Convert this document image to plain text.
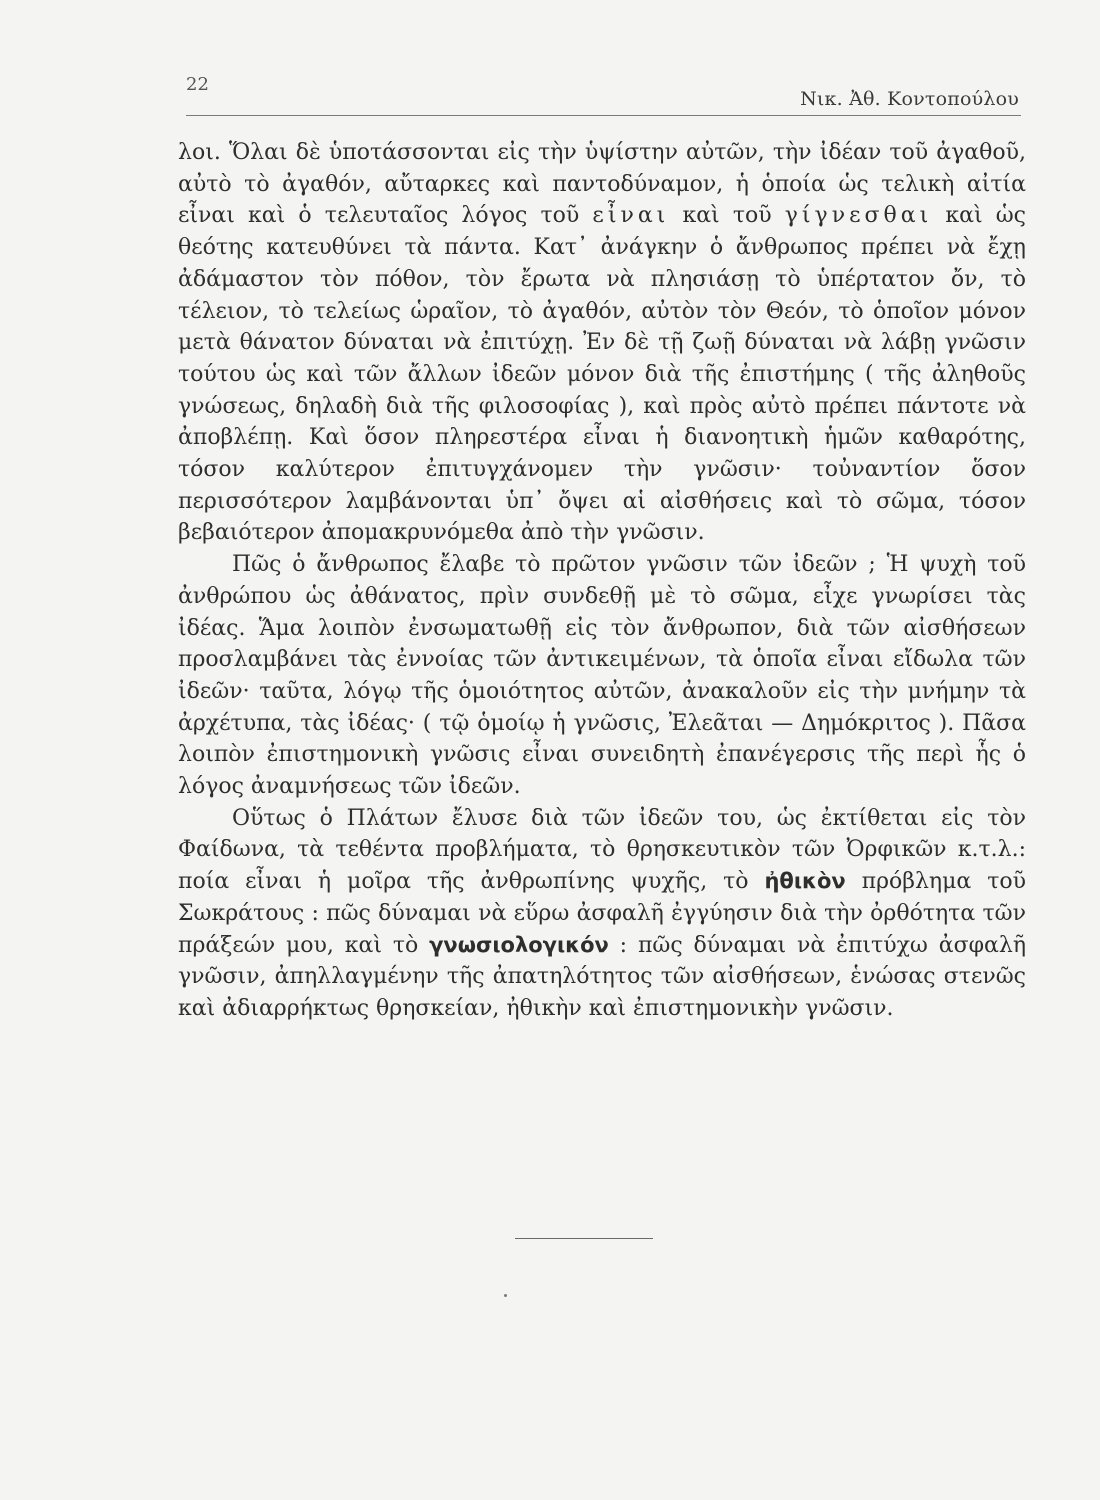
22
Νικ. Ἀθ. Κοντοπούλου

λοι. Ὅλαι δὲ ὑποτάσσονται εἰς τὴν ὑψίστην αὐτῶν, τὴν ἰδέαν τοῦ ἀγαθοῦ, αὐτὸ τὸ ἀγαθόν, αὔταρκες καὶ παντοδύναμον, ἡ ὁποία ὡς τελικὴ αἰτία εἶναι καὶ ὁ τελευταῖος λόγος τοῦ εἶναι καὶ τοῦ γίγνεσθαι καὶ ὡς θεότης κατευθύνει τὰ πάντα. Κατ᾽ ἀνάγκην ὁ ἄνθρωπος πρέπει νὰ ἔχῃ ἀδάμαστον τὸν πόθον, τὸν ἔρωτα νὰ πλησιάσῃ τὸ ὑπέρτατον ὄν, τὸ τέλειον, τὸ τελείως ὡραῖον, τὸ ἀγαθόν, αὐτὸν τὸν Θεόν, τὸ ὁποῖον μόνον μετὰ θάνατον δύναται νὰ ἐπιτύχῃ. Ἐν δὲ τῇ ζωῇ δύναται νὰ λάβῃ γνῶσιν τούτου ὡς καὶ τῶν ἄλλων ἰδεῶν μόνον διὰ τῆς ἐπιστήμης ( τῆς ἀληθοῦς γνώσεως, δηλαδὴ διὰ τῆς φιλοσοφίας ), καὶ πρὸς αὐτὸ πρέπει πάντοτε νὰ ἀποβλέπῃ. Καὶ ὅσον πληρεστέρα εἶναι ἡ διανοητικὴ ἡμῶν καθαρότης, τόσον καλύτερον ἐπιτυγχάνομεν τὴν γνῶσιν· τοὐναντίον ὅσον περισσότερον λαμβάνονται ὑπ᾽ ὄψει αἱ αἰσθήσεις καὶ τὸ σῶμα, τόσον βεβαιότερον ἀπομακρυνόμεθα ἀπὸ τὴν γνῶσιν.

Πῶς ὁ ἄνθρωπος ἔλαβε τὸ πρῶτον γνῶσιν τῶν ἰδεῶν ; Ἡ ψυχὴ τοῦ ἀνθρώπου ὡς ἀθάνατος, πρὶν συνδεθῇ μὲ τὸ σῶμα, εἶχε γνωρίσει τὰς ἰδέας. Ἅμα λοιπὸν ἐνσωματωθῇ εἰς τὸν ἄνθρωπον, διὰ τῶν αἰσθήσεων προσλαμβάνει τὰς ἐννοίας τῶν ἀντικειμένων, τὰ ὁποῖα εἶναι εἴδωλα τῶν ἰδεῶν· ταῦτα, λόγῳ τῆς ὁμοιότητος αὐτῶν, ἀνακαλοῦν εἰς τὴν μνήμην τὰ ἀρχέτυπα, τὰς ἰδέας· ( τῷ ὁμοίῳ ἡ γνῶσις, Ἐλεᾶται — Δημόκριτος ). Πᾶσα λοιπὸν ἐπιστημονικὴ γνῶσις εἶναι συνειδητὴ ἐπανέγερσις τῆς περὶ ἧς ὁ λόγος ἀναμνήσεως τῶν ἰδεῶν.

Οὕτως ὁ Πλάτων ἔλυσε διὰ τῶν ἰδεῶν του, ὡς ἐκτίθεται εἰς τὸν Φαίδωνα, τὰ τεθέντα προβλήματα, τὸ θρησκευτικὸν τῶν Ὀρφικῶν κ.τ.λ.: ποία εἶναι ἡ μοῖρα τῆς ἀνθρωπίνης ψυχῆς, τὸ ἠθικὸν πρόβλημα τοῦ Σωκράτους : πῶς δύναμαι νὰ εὕρω ἀσφαλῆ ἐγγύησιν διὰ τὴν ὀρθότητα τῶν πράξεών μου, καὶ τὸ γνωσιολογικόν : πῶς δύναμαι νὰ ἐπιτύχω ἀσφαλῆ γνῶσιν, ἀπηλλαγμένην τῆς ἀπατηλότητος τῶν αἰσθήσεων, ἑνώσας στενῶς καὶ ἀδιαρρήκτως θρησκείαν, ἠθικὴν καὶ ἐπιστημονικὴν γνῶσιν.
